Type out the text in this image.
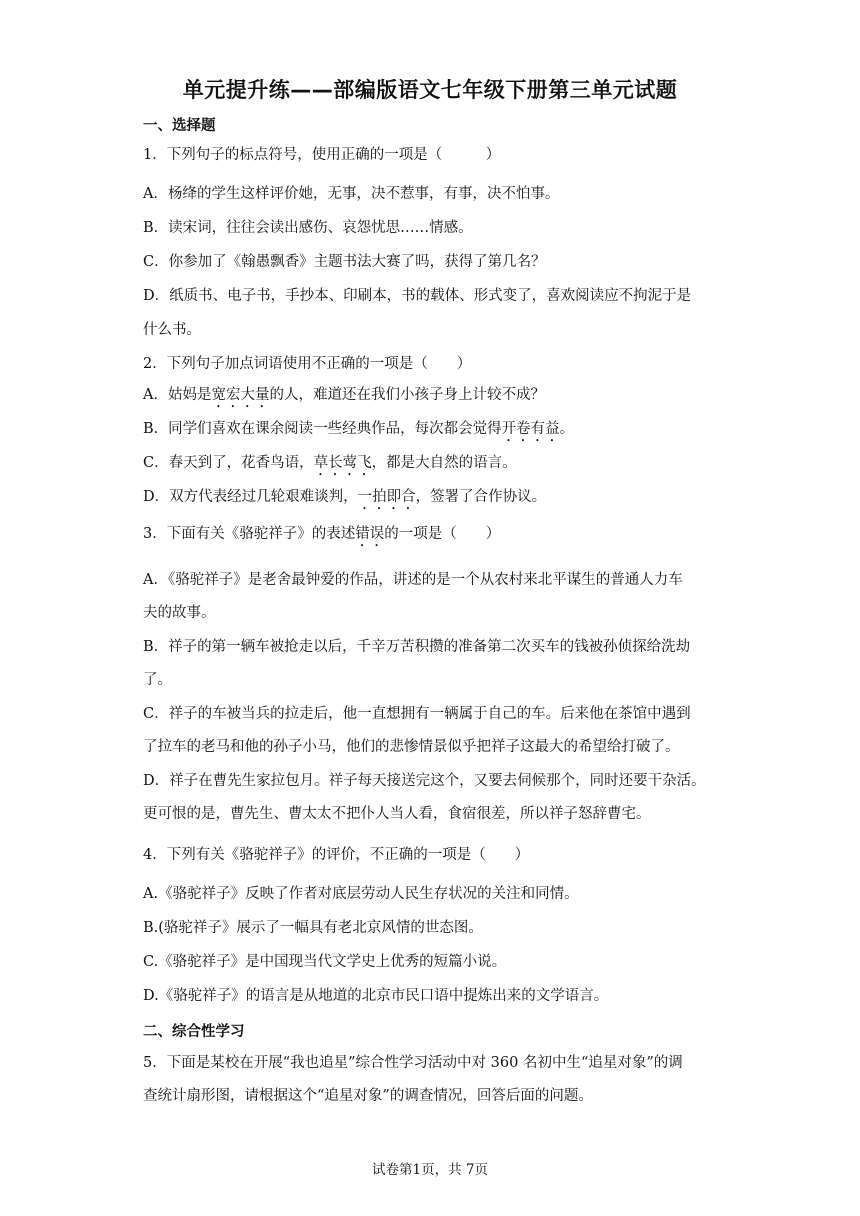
单元提升练——部编版语文七年级下册第三单元试题
一、选择题
1．下列句子的标点符号，使用正确的一项是（　　　）
A．杨绛的学生这样评价她，无事，决不惹事，有事，决不怕事。
B．读宋词，往往会读出感伤、哀怨忧思……情感。
C．你参加了《翰愚飘香》主题书法大赛了吗，获得了第几名？
D．纸质书、电子书，手抄本、印刷本，书的载体、形式变了，喜欢阅读应不拘泥于是
什么书。
2．下列句子加点词语使用不正确的一项是（　　）
A．姑妈是宽宏大量的人，难道还在我们小孩子身上计较不成？
B．同学们喜欢在课余阅读一些经典作品，每次都会觉得开卷有益。
C．春天到了，花香鸟语，草长莺飞，都是大自然的语言。
D．双方代表经过几轮艰难谈判，一拍即合，签署了合作协议。
3．下面有关《骆驼祥子》的表述错误的一项是（　　）
A．《骆驼祥子》是老舍最钟爱的作品，讲述的是一个从农村来北平谋生的普通人力车
夫的故事。
B．祥子的第一辆车被抢走以后，千辛万苦积攒的准备第二次买车的钱被孙侦探给洗劫
了。
C．祥子的车被当兵的拉走后，他一直想拥有一辆属于自己的车。后来他在茶馆中遇到
了拉车的老马和他的孙子小马，他们的悲惨情景似乎把祥子这最大的希望给打破了。
D．祥子在曹先生家拉包月。祥子每天接送完这个，又要去伺候那个，同时还要干杂活。
更可恨的是，曹先生、曹太太不把仆人当人看，食宿很差，所以祥子怒辞曹宅。
4．下列有关《骆驼祥子》的评价，不正确的一项是（　　）
A.《骆驼祥子》反映了作者对底层劳动人民生存状况的关注和同情。
B.(骆驼祥子》展示了一幅具有老北京风情的世态图。
C.《骆驼祥子》是中国现当代文学史上优秀的短篇小说。
D.《骆驼祥子》的语言是从地道的北京市民口语中提炼出来的文学语言。
二、综合性学习
5．下面是某校在开展“我也追星”综合性学习活动中对 360 名初中生“追星对象”的调
查统计扇形图，请根据这个“追星对象”的调查情况，回答后面的问题。
试卷第1页，共 7页
